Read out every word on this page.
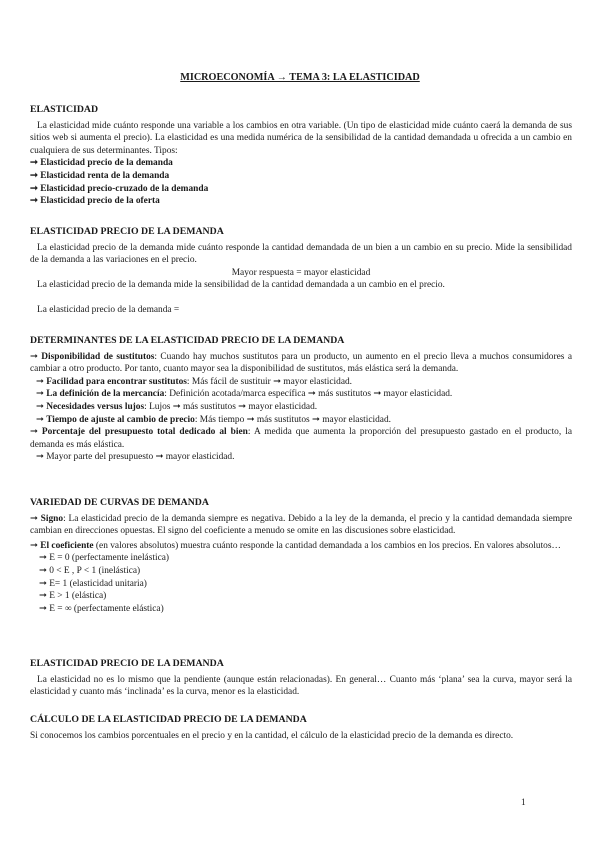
MICROECONOMÍA → TEMA 3: LA ELASTICIDAD
ELASTICIDAD

La elasticidad mide cuánto responde una variable a los cambios en otra variable. (Un tipo de elasticidad mide cuánto caerá la demanda de sus sitios web si aumenta el precio). La elasticidad es una medida numérica de la sensibilidad de la cantidad demandada u ofrecida a un cambio en cualquiera de sus determinantes. Tipos:

➞ Elasticidad precio de la demanda
➞ Elasticidad renta de la demanda
➞ Elasticidad precio-cruzado de la demanda
➞ Elasticidad precio de la oferta
ELASTICIDAD PRECIO DE LA DEMANDA

La elasticidad precio de la demanda mide cuánto responde la cantidad demandada de un bien a un cambio en su precio. Mide la sensibilidad de la demanda a las variaciones en el precio.

Mayor respuesta = mayor elasticidad

La elasticidad precio de la demanda mide la sensibilidad de la cantidad demandada a un cambio en el precio.

La elasticidad precio de la demanda =

DETERMINANTES DE LA ELASTICIDAD PRECIO DE LA DEMANDA

➞ Disponibilidad de sustitutos: Cuando hay muchos sustitutos para un producto, un aumento en el precio lleva a muchos consumidores a cambiar a otro producto. Por tanto, cuanto mayor sea la disponibilidad de sustitutos, más elástica será la demanda.

➞ Facilidad para encontrar sustitutos: Más fácil de sustituir ➞ mayor elasticidad.
➞ La definición de la mercancía: Definición acotada/marca específica ➞ más sustitutos ➞ mayor elasticidad.
➞ Necesidades versus lujos: Lujos ➞ más sustitutos ➞ mayor elasticidad.
➞ Tiempo de ajuste al cambio de precio: Más tiempo ➞ más sustitutos ➞ mayor elasticidad.

➞ Porcentaje del presupuesto total dedicado al bien: A medida que aumenta la proporción del presupuesto gastado en el producto, la demanda es más elástica.

➞ Mayor parte del presupuesto ➞ mayor elasticidad.
VARIEDAD DE CURVAS DE DEMANDA

➞ Signo: La elasticidad precio de la demanda siempre es negativa. Debido a la ley de la demanda, el precio y la cantidad demandada siempre cambian en direcciones opuestas. El signo del coeficiente a menudo se omite en las discusiones sobre elasticidad.

➞ El coeficiente (en valores absolutos) muestra cuánto responde la cantidad demandada a los cambios en los precios. En valores absolutos…

➞ E = 0 (perfectamente inelástica)
➞ 0 < E , P < 1 (inelástica)
➞ E= 1 (elasticidad unitaria)
➞ E > 1 (elástica)
➞ E = ∞ (perfectamente elástica)
ELASTICIDAD PRECIO DE LA DEMANDA

La elasticidad no es lo mismo que la pendiente (aunque están relacionadas). En general… Cuanto más ‘plana’ sea la curva, mayor será la elasticidad y cuanto más ‘inclinada’ es la curva, menor es la elasticidad.

CÁLCULO DE LA ELASTICIDAD PRECIO DE LA DEMANDA

Si conocemos los cambios porcentuales en el precio y en la cantidad, el cálculo de la elasticidad precio de la demanda es directo.

1
